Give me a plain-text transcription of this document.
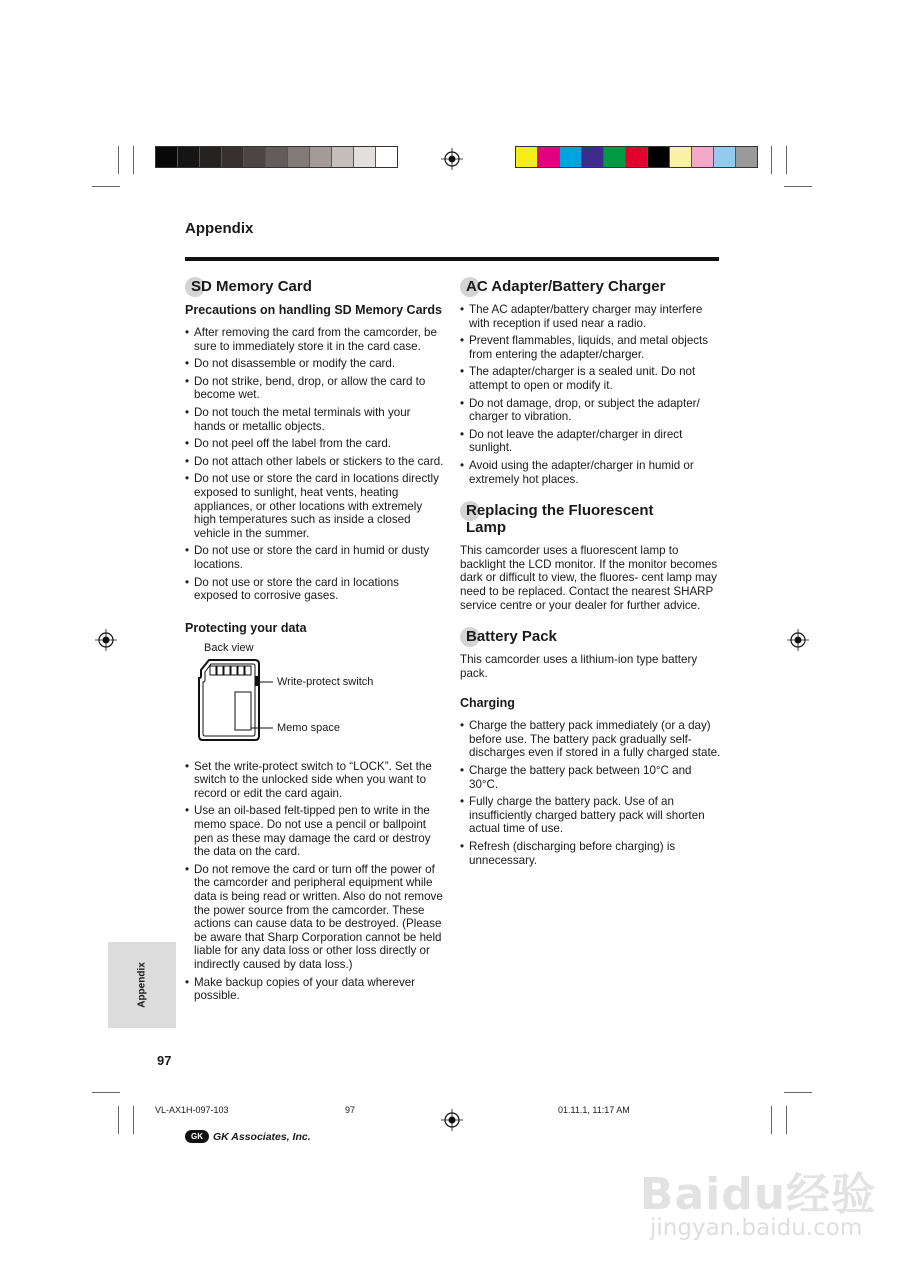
Appendix
SD Memory Card
Precautions on handling SD Memory Cards
• After removing the card from the camcorder, be sure to immediately store it in the card case.
• Do not disassemble or modify the card.
• Do not strike, bend, drop, or allow the card to become wet.
• Do not touch the metal terminals with your hands or metallic objects.
• Do not peel off the label from the card.
• Do not attach other labels or stickers to the card.
• Do not use or store the card in locations directly exposed to sunlight, heat vents, heating appliances, or other locations with extremely high temperatures such as inside a closed vehicle in the summer.
• Do not use or store the card in humid or dusty locations.
• Do not use or store the card in locations exposed to corrosive gases.
Protecting your data
Back view
Write-protect switch
Memo space
• Set the write-protect switch to “LOCK”. Set the switch to the unlocked side when you want to record or edit the card again.
• Use an oil-based felt-tipped pen to write in the memo space. Do not use a pencil or ballpoint pen as these may damage the card or destroy the data on the card.
• Do not remove the card or turn off the power of the camcorder and peripheral equipment while data is being read or written. Also do not remove the power source from the camcorder. These actions can cause data to be destroyed. (Please be aware that Sharp Corporation cannot be held liable for any data loss or other loss directly or indirectly caused by data loss.)
• Make backup copies of your data wherever possible.
AC Adapter/Battery Charger
• The AC adapter/battery charger may interfere with reception if used near a radio.
• Prevent flammables, liquids, and metal objects from entering the adapter/charger.
• The adapter/charger is a sealed unit. Do not attempt to open or modify it.
• Do not damage, drop, or subject the adapter/ charger to vibration.
• Do not leave the adapter/charger in direct sunlight.
• Avoid using the adapter/charger in humid or extremely hot places.
Replacing the Fluorescent
Lamp

This camcorder uses a fluorescent lamp to backlight the LCD monitor. If the monitor becomes dark or difficult to view, the fluores- cent lamp may need to be replaced. Contact the nearest SHARP service centre or your dealer for further advice.

Battery Pack

This camcorder uses a lithium-ion type battery pack.

Charging
• Charge the battery pack immediately (or a day) before use. The battery pack gradually self-discharges even if stored in a fully charged state.
• Charge the battery pack between 10°C and 30°C.
• Fully charge the battery pack. Use of an insufficiently charged battery pack will shorten actual time of use.
• Refresh (discharging before charging) is unnecessary.
Appendix
97
VL-AX1H-097-103	97	01.11.1, 11:17 AM
GK GK Associates, Inc.
Baidu经验
jingyan.baidu.com
